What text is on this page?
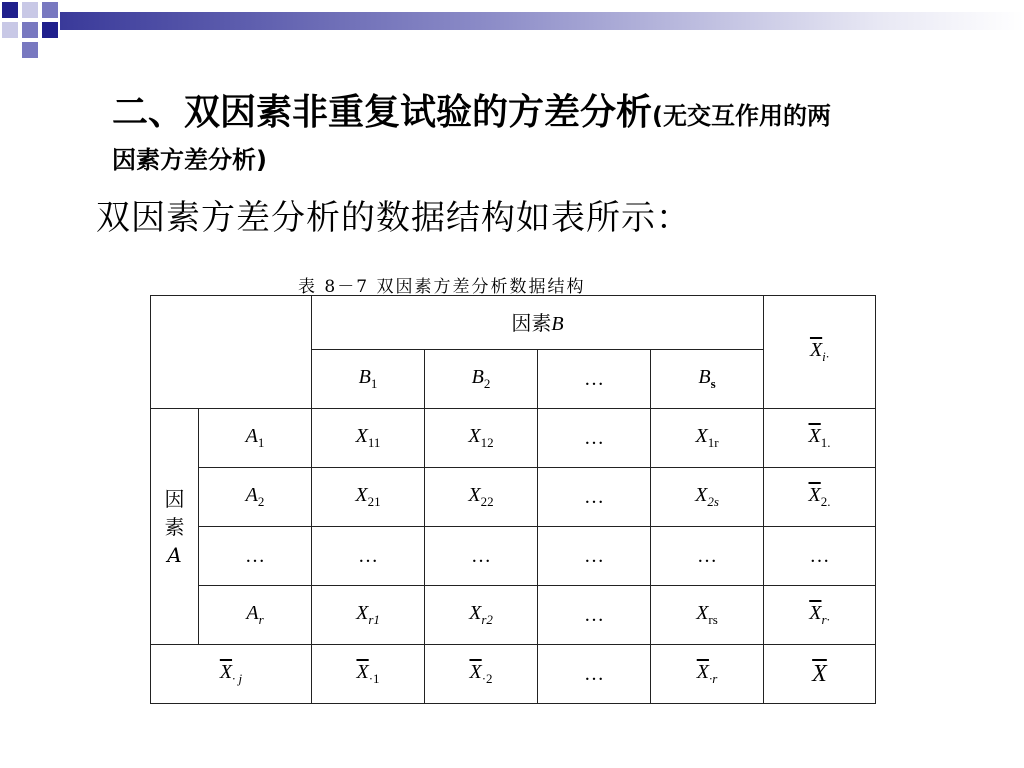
二、双因素非重复试验的方差分析(无交互作用的两
因素方差分析)
双因素方差分析的数据结构如表所示：
表 8－7 双因素方差分析数据结构
		因素B				$\overline{X}_{i\cdot}$
		$B_1$	$B_2$	…	$B_s$

因
素
A	$A_1$	$X_{11}$	$X_{12}$	…	$X_{1r}$	$\overline{X}_{1.}$
	$A_2$	$X_{21}$	$X_{22}$	…	$X_{2s}$	$\overline{X}_{2.}$
	…	…	…	…	…	…
	$A_r$	$X_{r1}$	$X_{r2}$	…	$X_{rs}$	$\overline{X}_{r\cdot}$
$\overline{X}_{\cdot j}$		$\overline{X}_{\cdot 1}$	$\overline{X}_{\cdot 2}$	…	$\overline{X}_{\cdot r}$	$\overline{X}$
